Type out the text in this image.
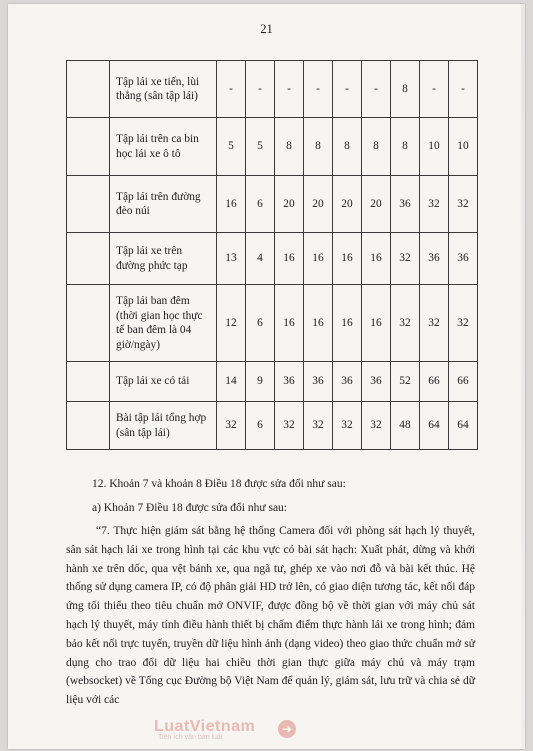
21
	Tập lái xe tiến, lùi thẳng (sân tập lái)	-	-	-	-	-	-	8	-	-
	Tập lái trên ca bin học lái xe ô tô	5	5	8	8	8	8	8	10	10
	Tập lái trên đường đèo núi	16	6	20	20	20	20	36	32	32
	Tập lái xe trên đường phức tạp	13	4	16	16	16	16	32	36	36
	Tập lái ban đêm (thời gian học thực tế ban đêm là 04 giờ/ngày)	12	6	16	16	16	16	32	32	32
	Tập lái xe có tải	14	9	36	36	36	36	52	66	66
	Bài tập lái tổng hợp (sân tập lái)	32	6	32	32	32	32	48	64	64
12. Khoản 7 và khoản 8 Điều 18 được sửa đổi như sau:
a) Khoản 7 Điều 18 được sửa đổi như sau:
“7. Thực hiện giám sát bằng hệ thống Camera đối với phòng sát hạch lý thuyết, sân sát hạch lái xe trong hình tại các khu vực có bài sát hạch: Xuất phát, dừng và khởi hành xe trên dốc, qua vệt bánh xe, qua ngã tư, ghép xe vào nơi đỗ và bài kết thúc. Hệ thống sử dụng camera IP, có độ phân giải HD trở lên, có giao diện tương tác, kết nối đáp ứng tối thiểu theo tiêu chuẩn mở ONVIF, được đồng bộ về thời gian với máy chủ sát hạch lý thuyết, máy tính điều hành thiết bị chấm điểm thực hành lái xe trong hình; đảm bảo kết nối trực tuyến, truyền dữ liệu hình ảnh (dạng video) theo giao thức chuẩn mở sử dụng cho trao đổi dữ liệu hai chiều thời gian thực giữa máy chủ và máy trạm (websocket) về Tổng cục Đường bộ Việt Nam để quản lý, giám sát, lưu trữ và chia sẻ dữ liệu với các
LuatVietnam
Tiện ích văn bản luật
➜
